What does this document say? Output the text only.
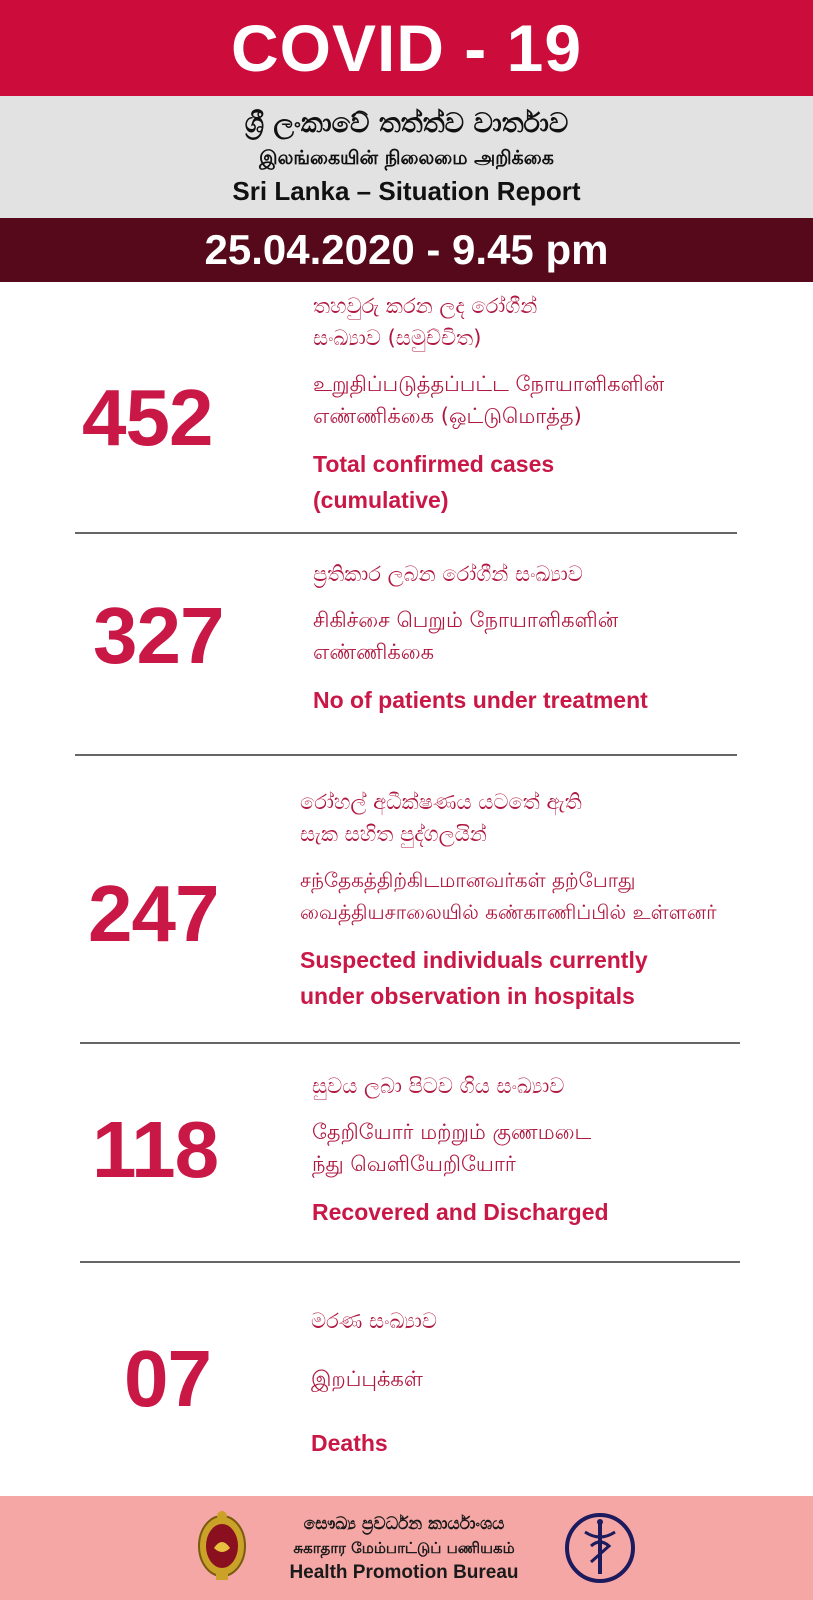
COVID - 19
ශ්‍රී ලංකාවේ තත්ත්ව වාර්තාව
இலங்கையின் நிலைமை அறிக்கை
Sri Lanka – Situation Report
25.04.2020 - 9.45 pm
452
තහවුරු කරන ලද රෝගීන්
සංඛ්‍යාව (සමුච්චිත)
உறுதிப்படுத்தப்பட்ட நோயாளிகளின்
எண்ணிக்கை (ஒட்டுமொத்த)
Total confirmed cases
(cumulative)
327
ප්‍රතිකාර ලබන රෝගීන් සංඛ්‍යාව
சிகிச்சை பெறும் நோயாளிகளின்
எண்ணிக்கை
No of patients under treatment
247
රෝහල් අධීක්ෂණය යටතේ ඇති
සැක සහිත පුද්ගලයින්
சந்தேகத்திற்கிடமானவர்கள் தற்போது
வைத்தியசாலையில் கண்காணிப்பில் உள்ளனர்
Suspected individuals currently
under observation in hospitals
118
සුවය ලබා පිටව ගිය සංඛ්‍යාව
தேறியோர் மற்றும் குணமடை
ந்து வெளியேறியோர்
Recovered and Discharged
07
මරණ සංඛ්‍යාව
இறப்புக்கள்
Deaths
සෞඛ්‍ය ප්‍රවර්ධන කාර්යාංශය
சுகாதார மேம்பாட்டுப் பணியகம்
Health Promotion Bureau
